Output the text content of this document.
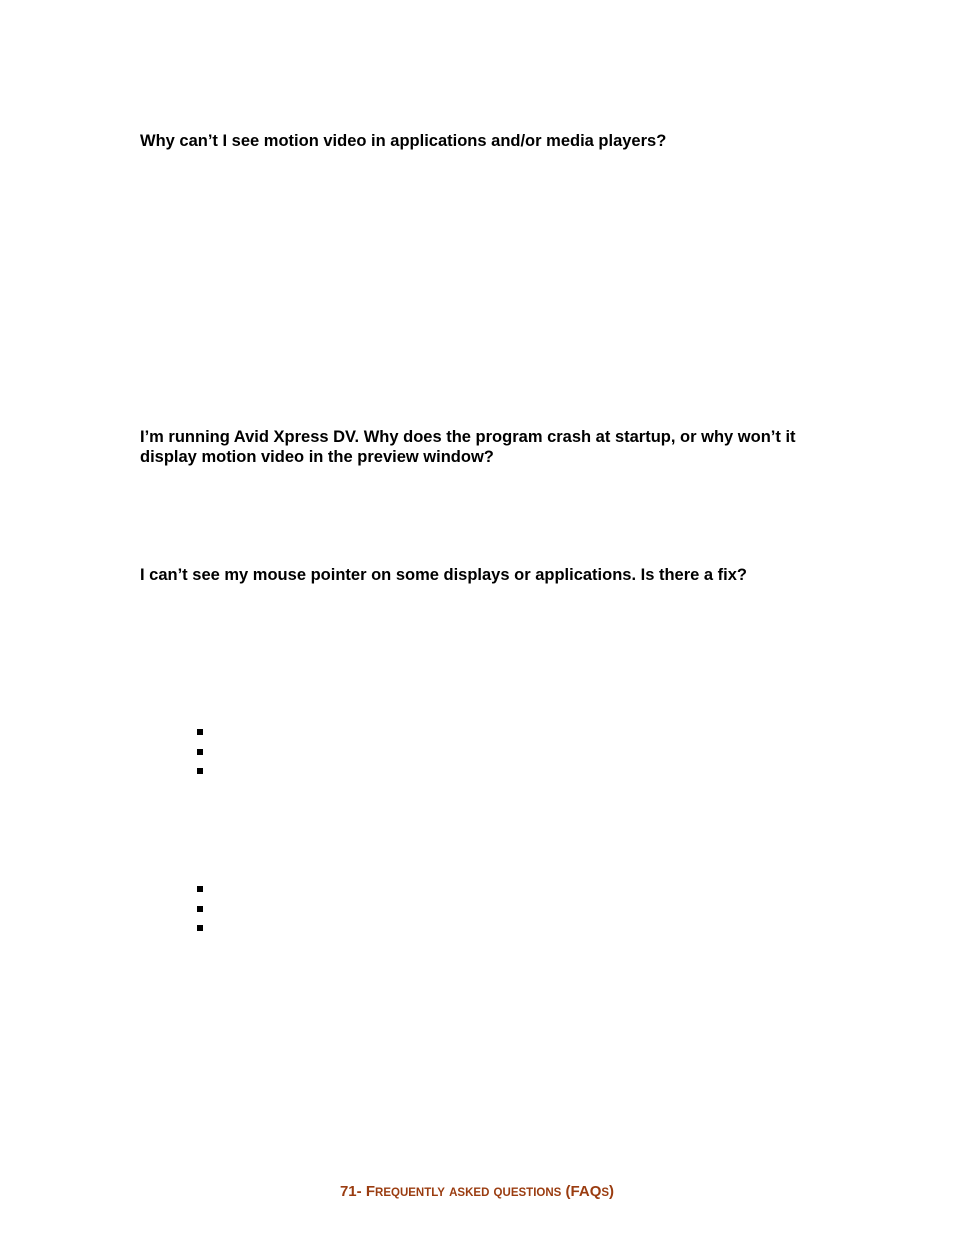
Why can’t I see motion video in applications and/or media players?

I’m running Avid Xpress DV. Why does the program crash at startup, or why won’t it display motion video in the preview window?

I can’t see my mouse pointer on some displays or applications. Is there a fix?

71- FREQUENTLY ASKED QUESTIONS (FAQS)
